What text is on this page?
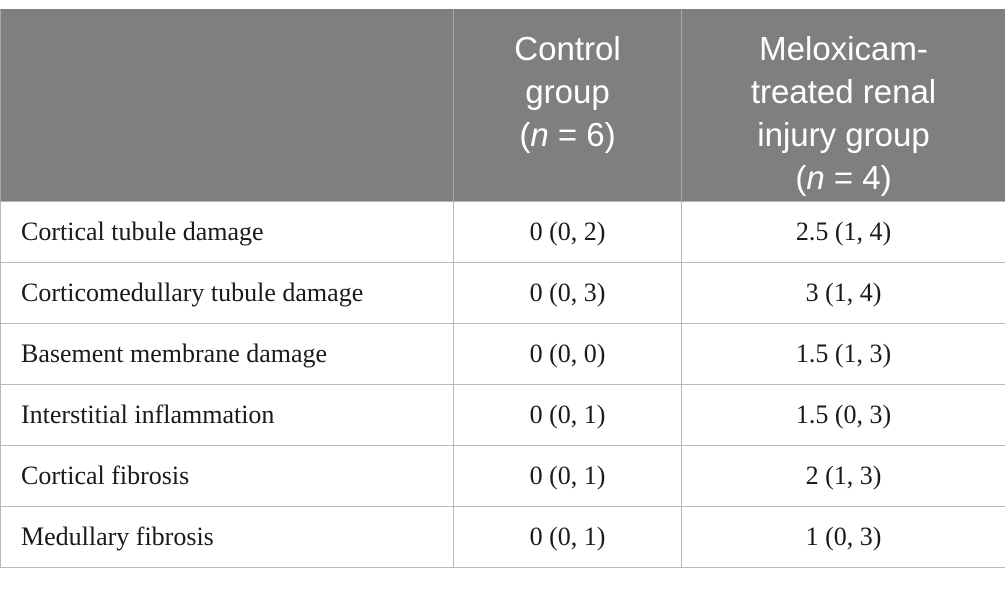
	Control
group
(n = 6)	Meloxicam-
treated renal
injury group
(n = 4)

Cortical tubule damage	0 (0, 2)	2.5 (1, 4)
Corticomedullary tubule damage	0 (0, 3)	3 (1, 4)
Basement membrane damage	0 (0, 0)	1.5 (1, 3)
Interstitial inflammation	0 (0, 1)	1.5 (0, 3)
Cortical fibrosis	0 (0, 1)	2 (1, 3)
Medullary fibrosis	0 (0, 1)	1 (0, 3)
